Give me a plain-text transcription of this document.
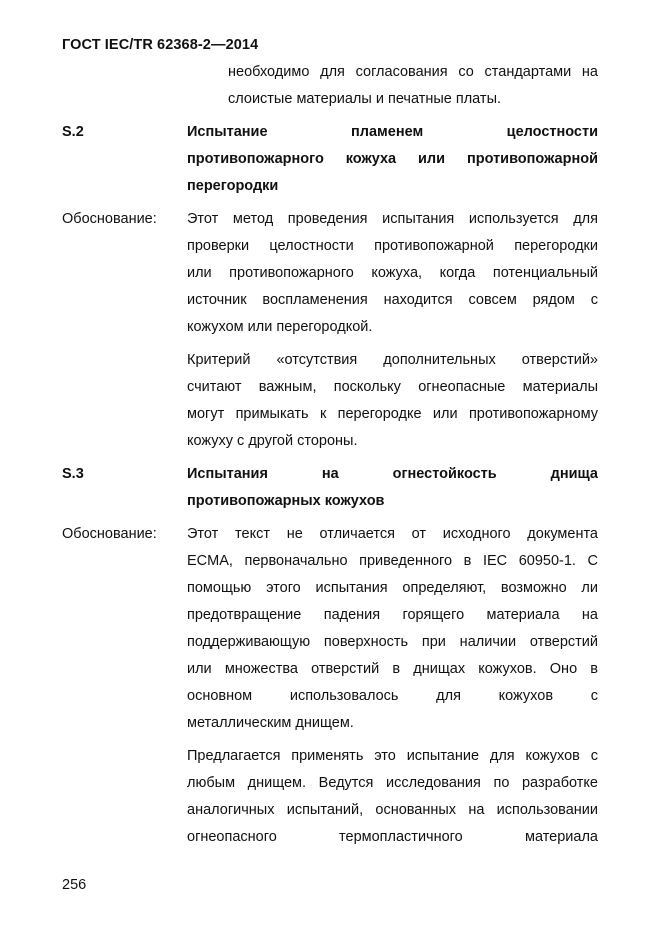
ГОСТ IEC/TR 62368-2—2014
необходимо для согласования со стандартами на
слоистые материалы и печатные платы.
S.2	Испытание пламенем целостности
противопожарного кожуха или противопожарной
перегородки
Обоснование: Этот метод проведения испытания используется для
проверки целостности противопожарной перегородки
или противопожарного кожуха, когда потенциальный
источник воспламенения находится совсем рядом с
кожухом или перегородкой.
Критерий «отсутствия дополнительных отверстий»
считают важным, поскольку огнеопасные материалы
могут примыкать к перегородке или противопожарному
кожуху с другой стороны.
S.3	Испытания на огнестойкость днища
противопожарных кожухов
Обоснование: Этот текст не отличается от исходного документа
ECMA, первоначально приведенного в IEC 60950-1. С
помощью этого испытания определяют, возможно ли
предотвращение падения горящего материала на
поддерживающую поверхность при наличии отверстий
или множества отверстий в днищах кожухов. Оно в
основном использовалось для кожухов с
металлическим днищем.
Предлагается применять это испытание для кожухов с
любым днищем. Ведутся исследования по разработке
аналогичных испытаний, основанных на использовании
огнеопасного термопластичного материала
256
